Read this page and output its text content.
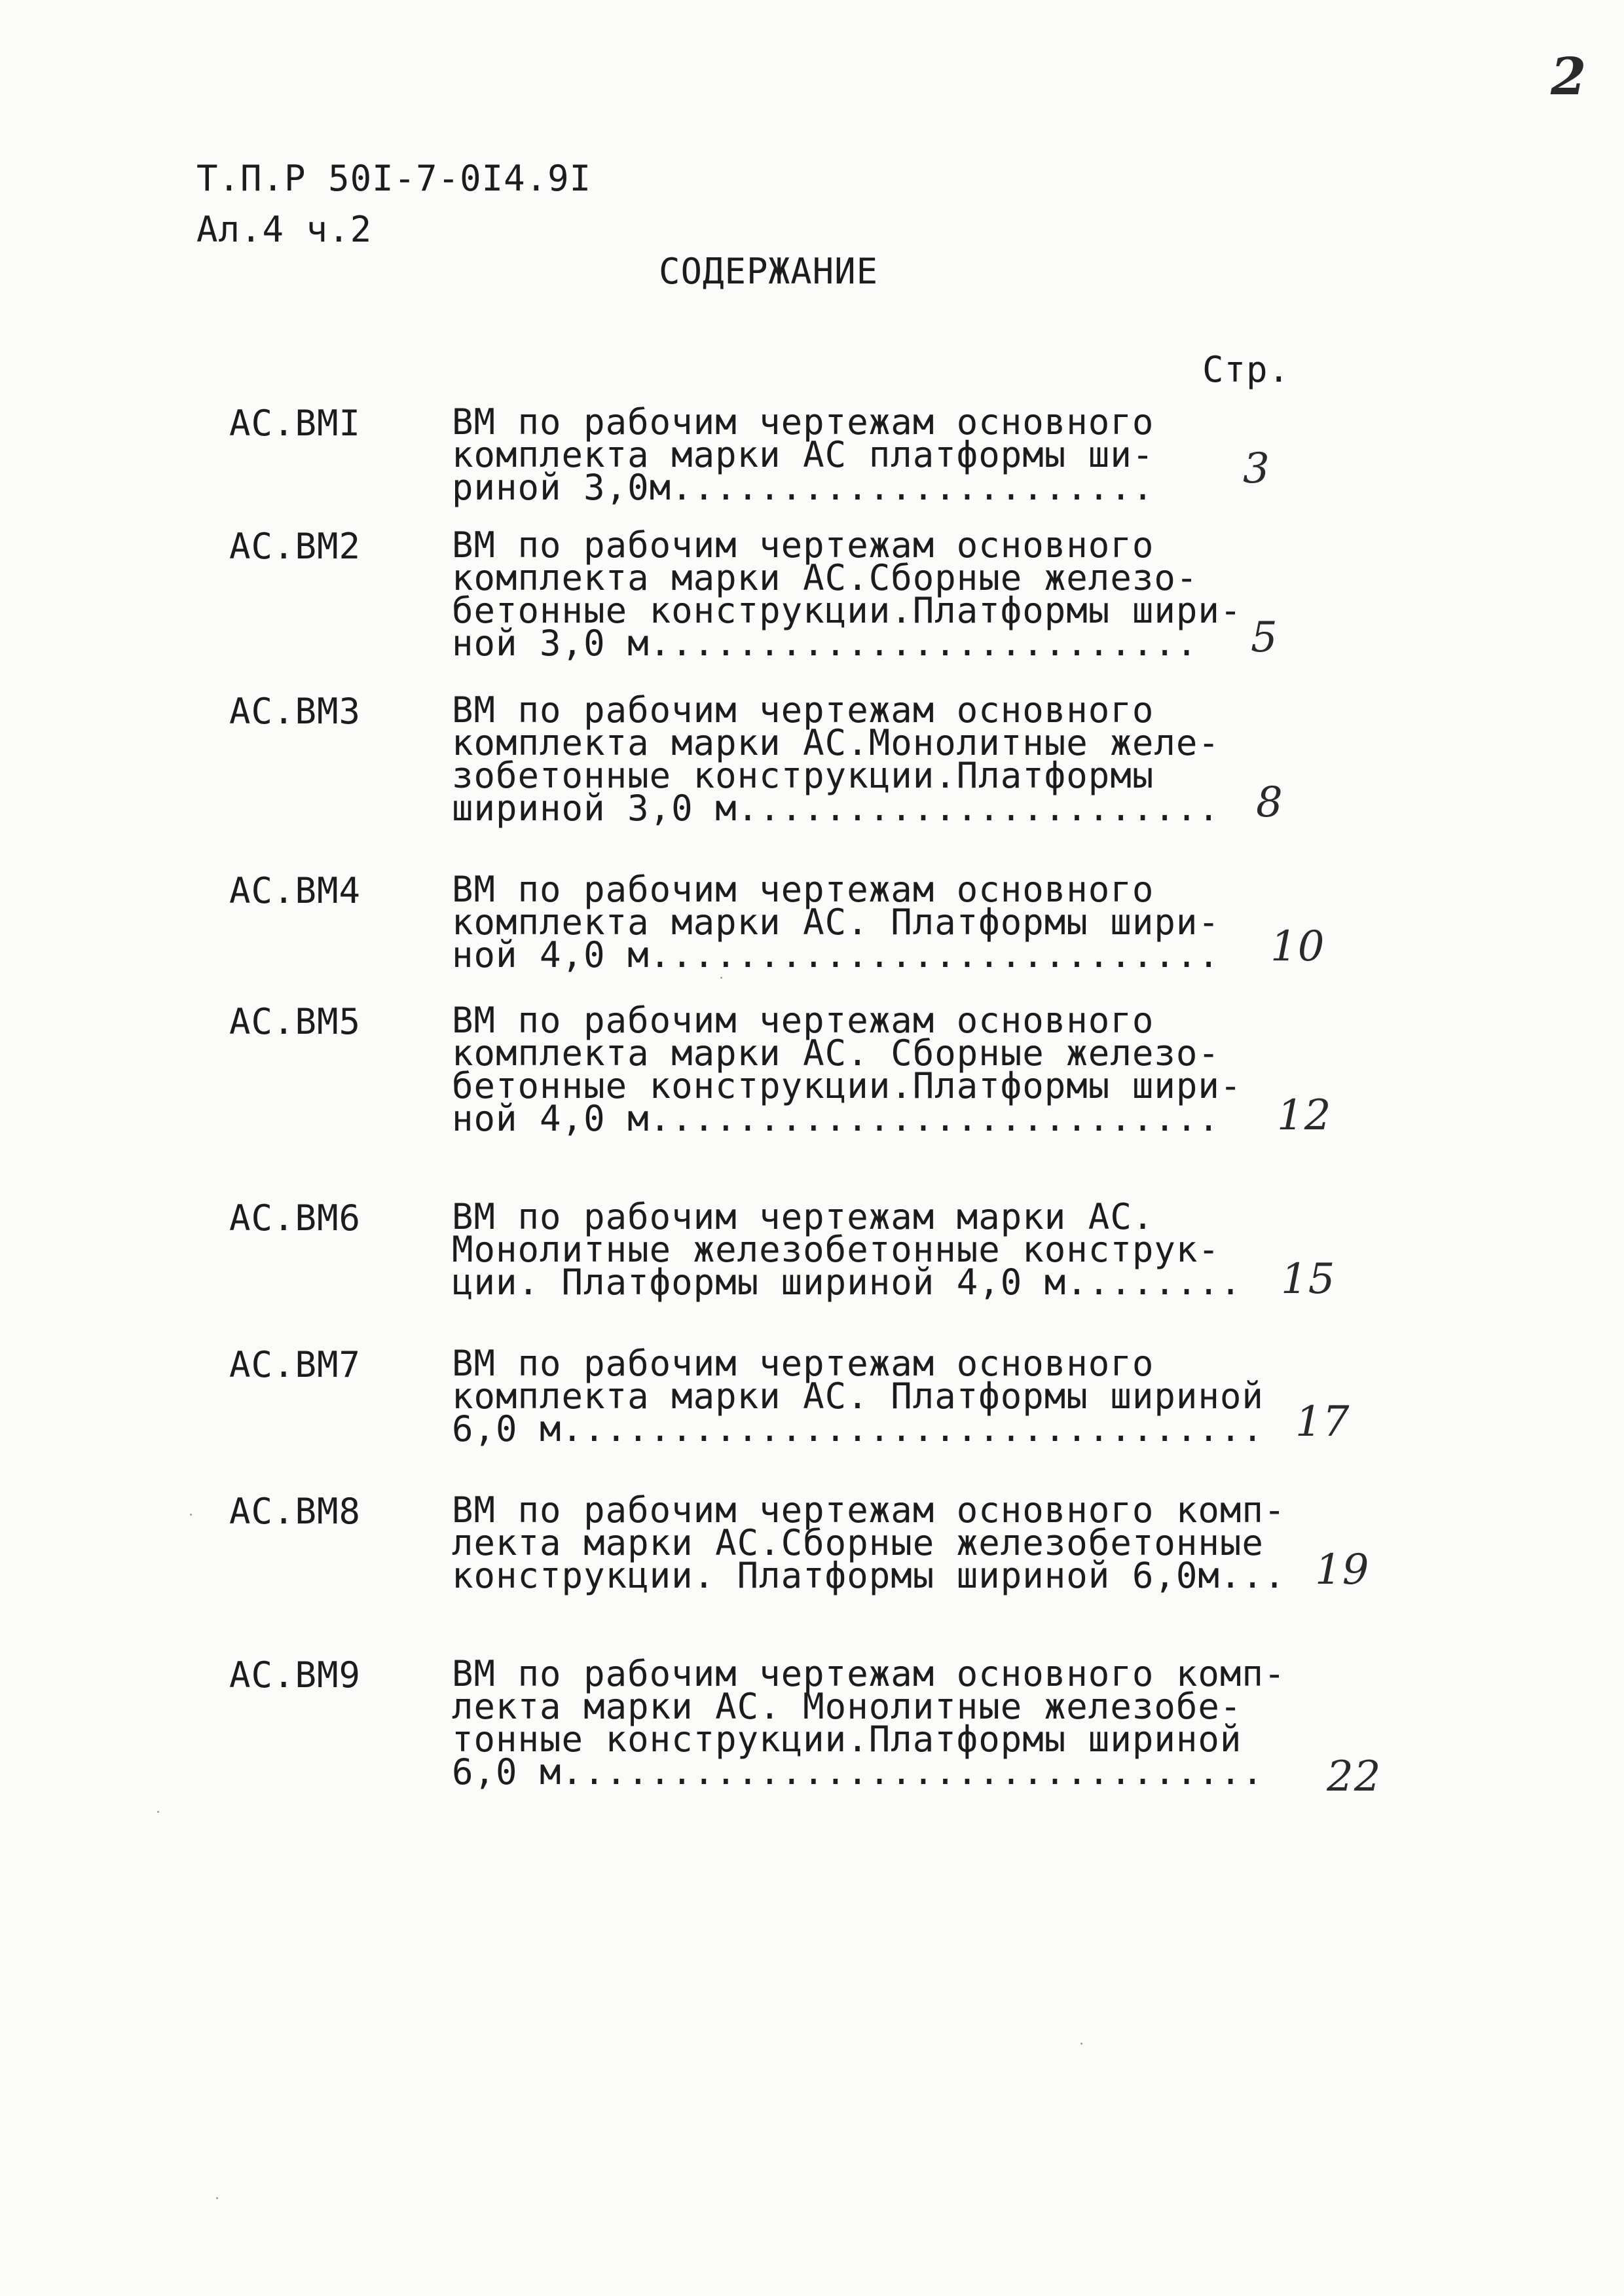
2
Т.П.Р 50I-7-0I4.9I
Ал.4 ч.2
СОДЕРЖАНИЕ
Стр.
АС.ВМI	ВМ по рабочим чертежам основного
комплекта марки АС платформы ши-
риной 3,0м......................	3
АС.ВМ2	ВМ по рабочим чертежам основного
комплекта марки АС.Сборные железо-
бетонные конструкции.Платформы шири-
ной 3,0 м.........................	5
АС.ВМ3	ВМ по рабочим чертежам основного
комплекта марки АС.Монолитные желе-
зобетонные конструкции.Платформы
шириной 3,0 м...................... 8
АС.ВМ4	ВМ по рабочим чертежам основного
комплекта марки АС. Платформы шири-
ной 4,0 м..........................	10
АС.ВМ5	ВМ по рабочим чертежам основного
комплекта марки АС. Сборные железо-
бетонные конструкции.Платформы шири-
ной 4,0 м..........................	12
АС.ВМ6	ВМ по рабочим чертежам марки АС.
Монолитные железобетонные конструк-
ции. Платформы шириной 4,0 м........ 15
АС.ВМ7	ВМ по рабочим чертежам основного
комплекта марки АС. Платформы шириной
6,0 м................................ 17
АС.ВМ8	ВМ по рабочим чертежам основного комп-
лекта марки АС.Сборные железобетонные
конструкции. Платформы шириной 6,0м... 19
АС.ВМ9	ВМ по рабочим чертежам основного комп-
лекта марки АС. Монолитные железобе-
тонные конструкции.Платформы шириной
6,0 м................................ 22
